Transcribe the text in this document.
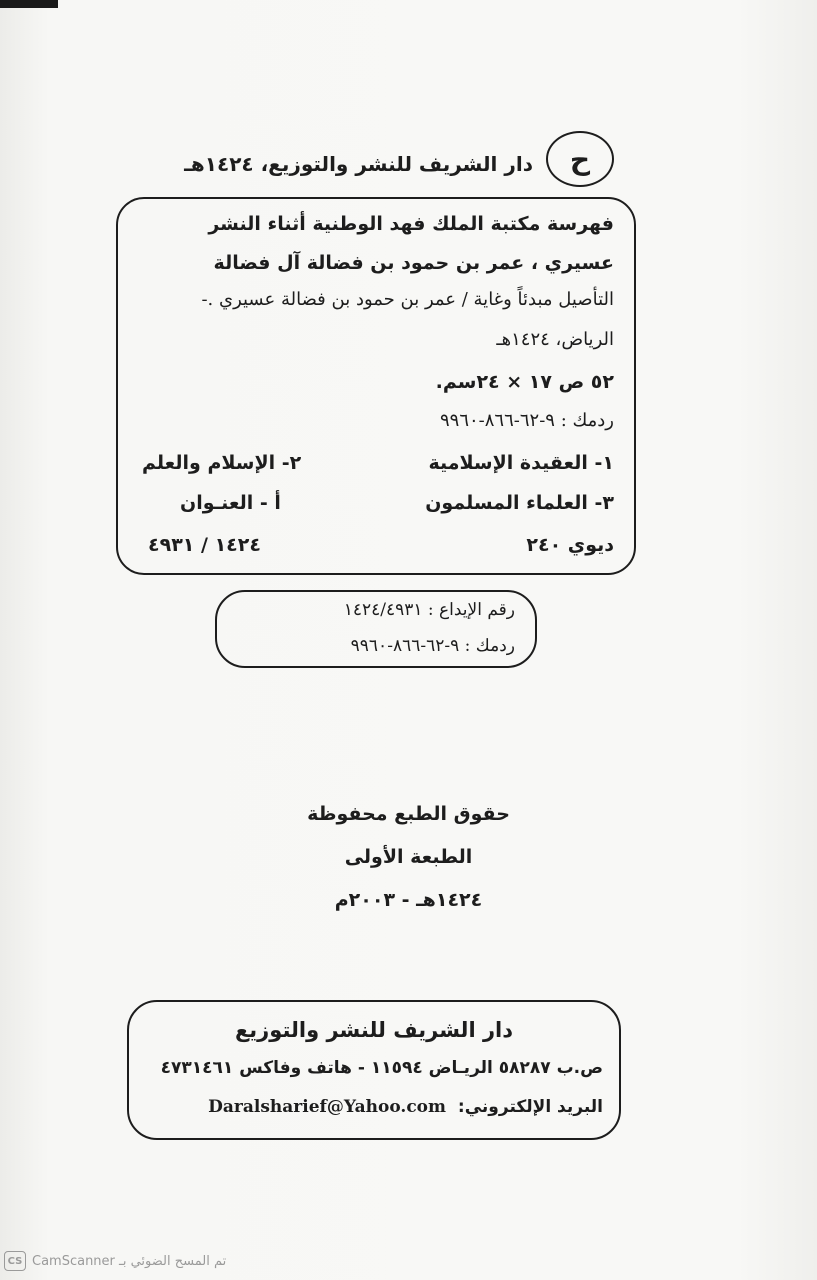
ح
دار الشريف للنشر والتوزيع، ١٤٢٤هـ
فهرسة مكتبة الملك فهد الوطنية أثناء النشر
عسيري ، عمر بن حمود بن فضالة آل فضالة
التأصيل مبدئاً وغاية / عمر بن حمود بن فضالة عسيري .-
الرياض، ١٤٢٤هـ
٥٢ ص ١٧ × ٢٤سم.
ردمك : ٩-٦٢-٨٦٦-٩٩٦٠
١- العقيدة الإسلامية
٢- الإسلام والعلم
٣- العلماء المسلمون
أ - العنـوان
ديوي ٢٤٠
١٤٢٤ / ٤٩٣١
رقم الإيداع : ١٤٢٤/٤٩٣١
ردمك : ٩-٦٢-٨٦٦-٩٩٦٠
حقوق الطبع محفوظة
الطبعة الأولى
١٤٢٤هـ - ٢٠٠٣م
دار الشريف للنشر والتوزيع
ص.ب ٥٨٢٨٧ الريـاض ١١٥٩٤ - هاتف وفاكس ٤٧٣١٤٦١
البريد الإلكتروني: Daralsharief@Yahoo.com
CS تم المسح الضوئي بـ CamScanner
